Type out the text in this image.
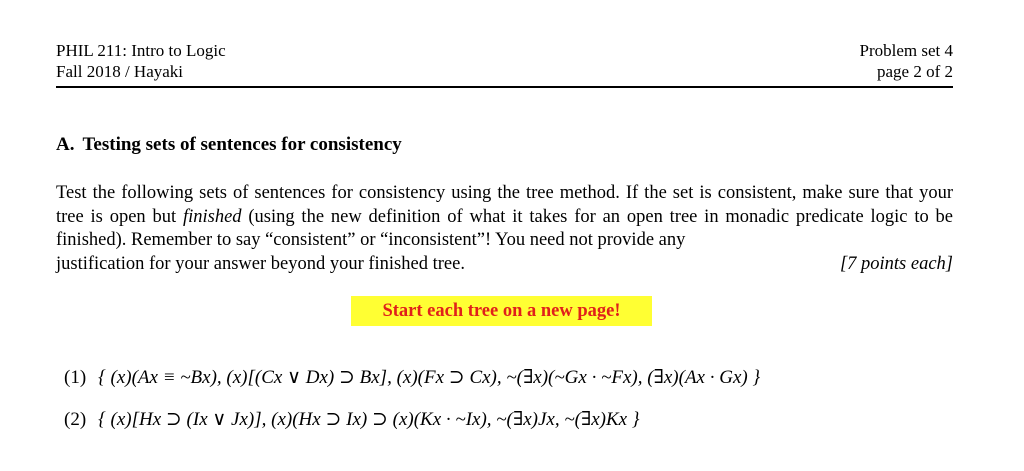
PHIL 211: Intro to Logic
Fall 2018 / Hayaki
Problem set 4
page 2 of 2
A. Testing sets of sentences for consistency
Test the following sets of sentences for consistency using the tree method. If the set is consistent, make sure that your tree is open but finished (using the new definition of what it takes for an open tree in monadic predicate logic to be finished). Remember to say “consistent” or “inconsistent”! You need not provide any
justification for your answer beyond your finished tree.	[7 points each]
Start each tree on a new page!
(1) { (x)(Ax ≡ ~Bx), (x)[(Cx ∨ Dx) ⊃ Bx], (x)(Fx ⊃ Cx), ~(∃x)(~Gx · ~Fx), (∃x)(Ax · Gx) }
(2) { (x)[Hx ⊃ (Ix ∨ Jx)], (x)(Hx ⊃ Ix) ⊃ (x)(Kx · ~Ix), ~(∃x)Jx, ~(∃x)Kx }
